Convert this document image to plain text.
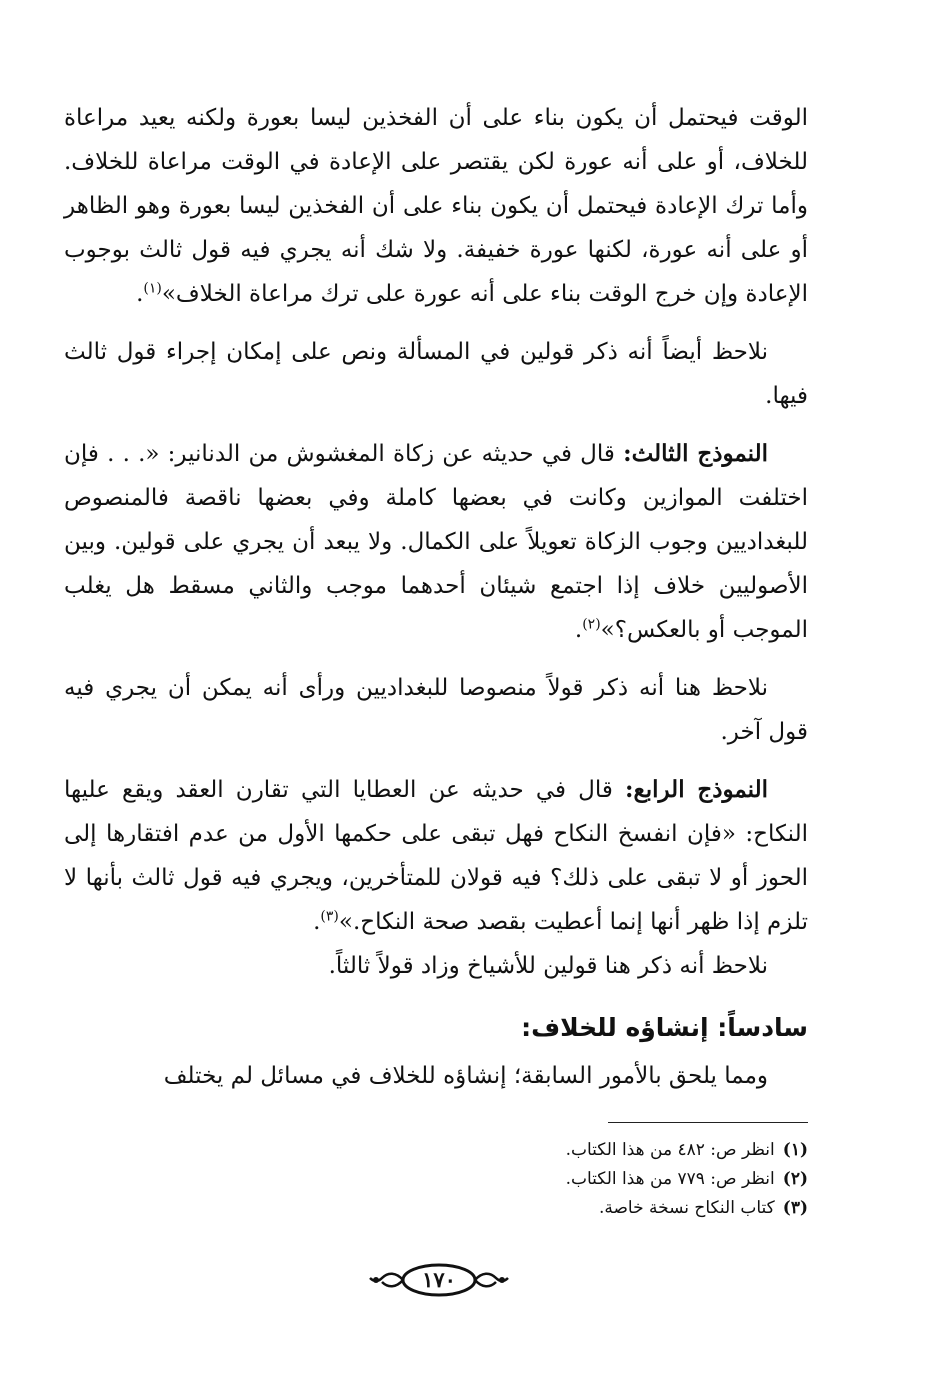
الوقت فيحتمل أن يكون بناء على أن الفخذين ليسا بعورة ولكنه يعيد مراعاة للخلاف، أو على أنه عورة لكن يقتصر على الإعادة في الوقت مراعاة للخلاف. وأما ترك الإعادة فيحتمل أن يكون بناء على أن الفخذين ليسا بعورة وهو الظاهر أو على أنه عورة، لكنها عورة خفيفة. ولا شك أنه يجري فيه قول ثالث بوجوب الإعادة وإن خرج الوقت بناء على أنه عورة على ترك مراعاة الخلاف»$^{(١)}$.

نلاحظ أيضاً أنه ذكر قولين في المسألة ونص على إمكان إجراء قول ثالث فيها.

النموذج الثالث: قال في حديثه عن زكاة المغشوش من الدنانير: «. . . فإن اختلفت الموازين وكانت في بعضها كاملة وفي بعضها ناقصة فالمنصوص للبغداديين وجوب الزكاة تعويلاً على الكمال. ولا يبعد أن يجري على قولين. وبين الأصوليين خلاف إذا اجتمع شيئان أحدهما موجب والثاني مسقط هل يغلب الموجب أو بالعكس؟»$^{(٢)}$.

نلاحظ هنا أنه ذكر قولاً منصوصا للبغداديين ورأى أنه يمكن أن يجري فيه قول آخر.

النموذج الرابع: قال في حديثه عن العطايا التي تقارن العقد ويقع عليها النكاح: «فإن انفسخ النكاح فهل تبقى على حكمها الأول من عدم افتقارها إلى الحوز أو لا تبقى على ذلك؟ فيه قولان للمتأخرين، ويجري فيه قول ثالث بأنها لا تلزم إذا ظهر أنها إنما أعطيت بقصد صحة النكاح.»$^{(٣)}$.

نلاحظ أنه ذكر هنا قولين للأشياخ وزاد قولاً ثالثاً.

سادساً: إنشاؤه للخلاف:

ومما يلحق بالأمور السابقة؛ إنشاؤه للخلاف في مسائل لم يختلف

(١)انظر ص: ٤٨٢ من هذا الكتاب.
(٢)انظر ص: ٧٧٩ من هذا الكتاب.
(٣)كتاب النكاح نسخة خاصة.
١٧٠
